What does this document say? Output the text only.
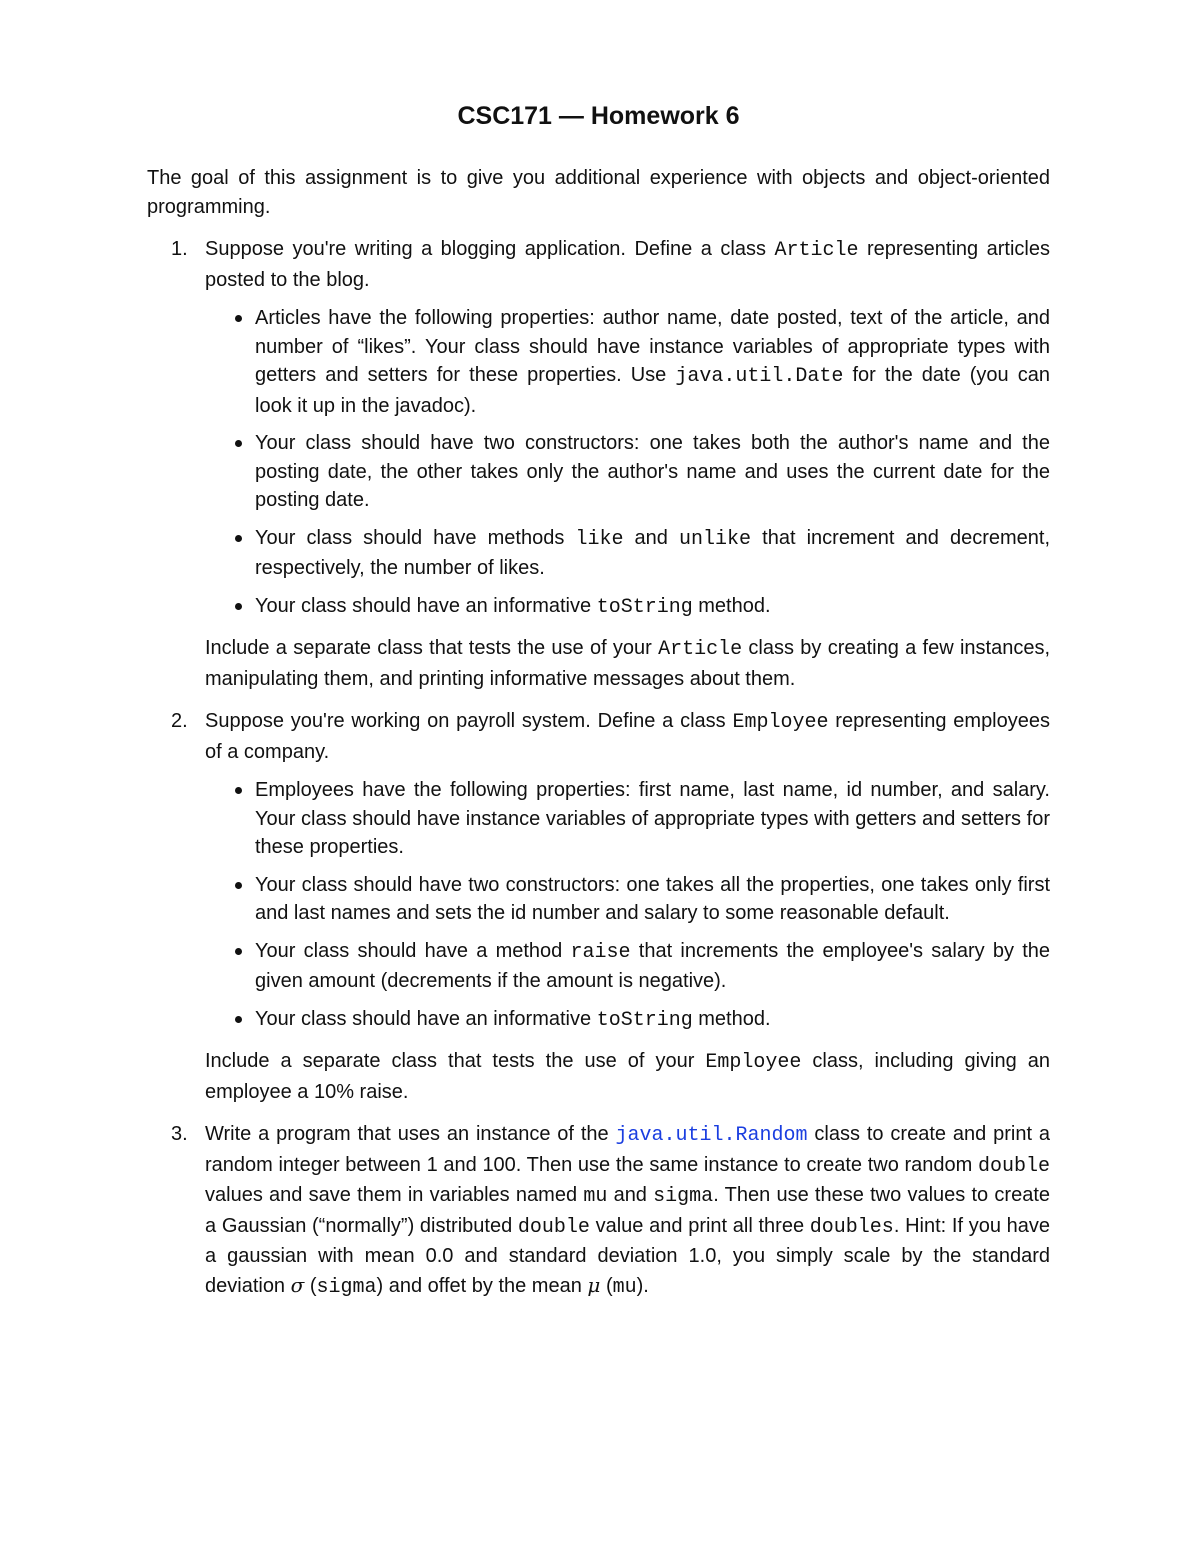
CSC171 — Homework 6

The goal of this assignment is to give you additional experience with objects and object-oriented programming.

1. Suppose you're writing a blogging application. Define a class Article representing articles posted to the blog.

Articles have the following properties: author name, date posted, text of the article, and number of “likes”. Your class should have instance variables of appropriate types with getters and setters for these properties. Use java.util.Date for the date (you can look it up in the javadoc).
Your class should have two constructors: one takes both the author's name and the posting date, the other takes only the author's name and uses the current date for the posting date.
Your class should have methods like and unlike that increment and decrement, respectively, the number of likes.
Your class should have an informative toString method.

Include a separate class that tests the use of your Article class by creating a few instances, manipulating them, and printing informative messages about them.

2. Suppose you're working on payroll system. Define a class Employee representing employees of a company.

Employees have the following properties: first name, last name, id number, and salary. Your class should have instance variables of appropriate types with getters and setters for these properties.
Your class should have two constructors: one takes all the properties, one takes only first and last names and sets the id number and salary to some reasonable default.
Your class should have a method raise that increments the employee's salary by the given amount (decrements if the amount is negative).
Your class should have an informative toString method.

Include a separate class that tests the use of your Employee class, including giving an employee a 10% raise.

3. Write a program that uses an instance of the java.util.Random class to create and print a random integer between 1 and 100. Then use the same instance to create two random double values and save them in variables named mu and sigma. Then use these two values to create a Gaussian (“normally”) distributed double value and print all three doubles. Hint: If you have a gaussian with mean 0.0 and standard deviation 1.0, you simply scale by the standard deviation σ (sigma) and offet by the mean μ (mu).
